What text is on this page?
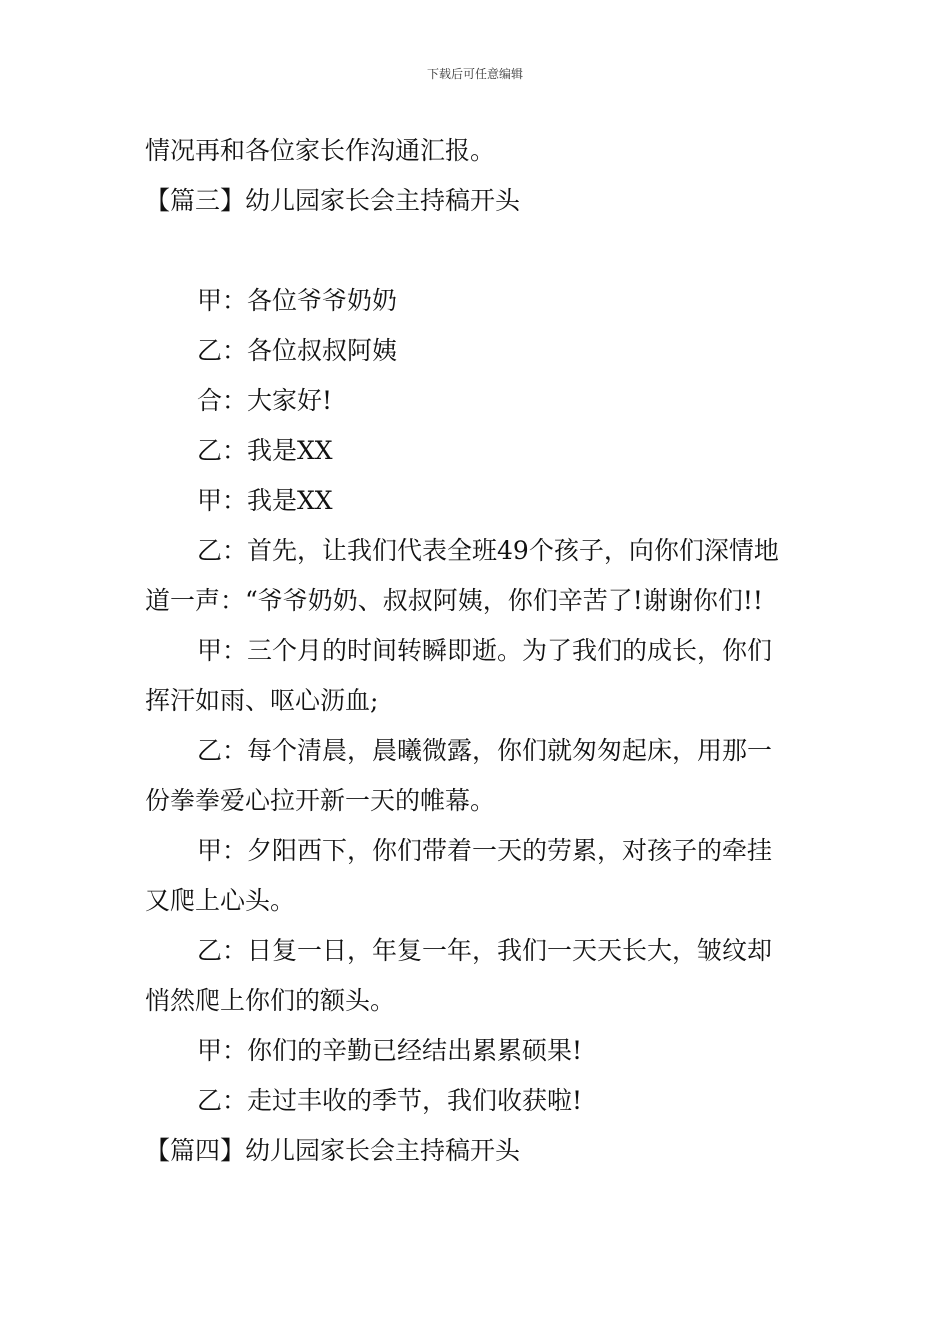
下载后可任意编辑
情况再和各位家长作沟通汇报。
【篇三】幼儿园家长会主持稿开头
甲：各位爷爷奶奶
乙：各位叔叔阿姨
合：大家好!
乙：我是XX
甲：我是XX
乙：首先，让我们代表全班49个孩子，向你们深情地
道一声：“爷爷奶奶、叔叔阿姨，你们辛苦了!谢谢你们!!
甲：三个月的时间转瞬即逝。为了我们的成长，你们
挥汗如雨、呕心沥血;
乙：每个清晨，晨曦微露，你们就匆匆起床，用那一
份拳拳爱心拉开新一天的帷幕。
甲：夕阳西下，你们带着一天的劳累，对孩子的牵挂
又爬上心头。
乙：日复一日，年复一年，我们一天天长大，皱纹却
悄然爬上你们的额头。
甲：你们的辛勤已经结出累累硕果!
乙：走过丰收的季节，我们收获啦!
【篇四】幼儿园家长会主持稿开头
